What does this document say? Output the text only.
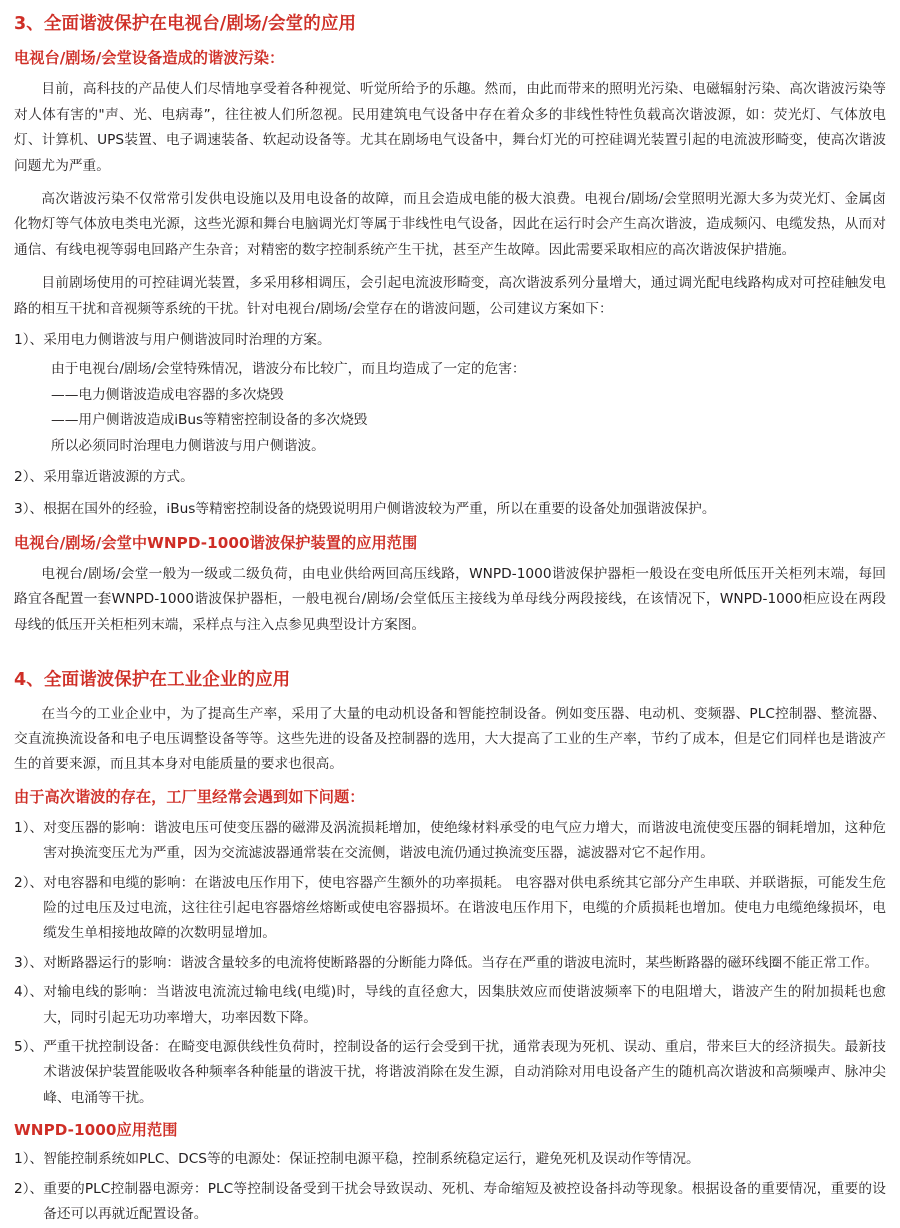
3、全面谐波保护在电视台/剧场/会堂的应用
电视台/剧场/会堂设备造成的谐波污染：

目前，高科技的产品使人们尽情地享受着各种视觉、听觉所给予的乐趣。然而，由此而带来的照明光污染、电磁辐射污染、高次谐波污染等对人体有害的"声、光、电病毒”，往往被人们所忽视。民用建筑电气设备中存在着众多的非线性特性负载高次谐波源，如：荧光灯、气体放电灯、计算机、UPS装置、电子调速装备、软起动设备等。尤其在剧场电气设备中，舞台灯光的可控硅调光装置引起的电流波形畸变，使高次谐波问题尤为严重。

高次谐波污染不仅常常引发供电设施以及用电设备的故障，而且会造成电能的极大浪费。电视台/剧场/会堂照明光源大多为荧光灯、金属卤化物灯等气体放电类电光源，这些光源和舞台电脑调光灯等属于非线性电气设备，因此在运行时会产生高次谐波，造成频闪、电缆发热，从而对通信、有线电视等弱电回路产生杂音；对精密的数字控制系统产生干扰，甚至产生故障。因此需要采取相应的高次谐波保护措施。

目前剧场使用的可控硅调光装置，多采用移相调压，会引起电流波形畸变，高次谐波系列分量增大，通过调光配电线路构成对可控硅触发电路的相互干扰和音视频等系统的干扰。针对电视台/剧场/会堂存在的谐波问题，公司建议方案如下：

1）、 采用电力侧谐波与用户侧谐波同时治理的方案。

由于电视台/剧场/会堂特殊情况，谐波分布比较广，而且均造成了一定的危害：

——电力侧谐波造成电容器的多次烧毁

——用户侧谐波造成iBus等精密控制设备的多次烧毁

所以必须同时治理电力侧谐波与用户侧谐波。

2）、 采用靠近谐波源的方式。
3）、 根据在国外的经验，iBus等精密控制设备的烧毁说明用户侧谐波较为严重，所以在重要的设备处加强谐波保护。
电视台/剧场/会堂中WNPD-1000谐波保护装置的应用范围

电视台/剧场/会堂一般为一级或二级负荷，由电业供给两回高压线路，WNPD-1000谐波保护器柜一般设在变电所低压开关柜列末端，每回路宜各配置一套WNPD-1000谐波保护器柜，一般电视台/剧场/会堂低压主接线为单母线分两段接线，在该情况下，WNPD-1000柜应设在两段母线的低压开关柜柜列末端，采样点与注入点参见典型设计方案图。

4、全面谐波保护在工业企业的应用

在当今的工业企业中，为了提高生产率，采用了大量的电动机设备和智能控制设备。例如变压器、电动机、变频器、PLC控制器、整流器、交直流换流设备和电子电压调整设备等等。这些先进的设备及控制器的选用，大大提高了工业的生产率，节约了成本，但是它们同样也是谐波产生的首要来源，而且其本身对电能质量的要求也很高。

由于高次谐波的存在，工厂里经常会遇到如下问题：
1）、 对变压器的影响：谐波电压可使变压器的磁滞及涡流损耗增加，使绝缘材料承受的电气应力增大，而谐波电流使变压器的铜耗增加，这种危害对换流变压尤为严重，因为交流滤波器通常装在交流侧，谐波电流仍通过换流变压器，滤波器对它不起作用。
2）、 对电容器和电缆的影响：在谐波电压作用下，使电容器产生额外的功率损耗。 电容器对供电系统其它部分产生串联、并联谐振，可能发生危险的过电压及过电流，这往往引起电容器熔丝熔断或使电容器损坏。在谐波电压作用下，电缆的介质损耗也增加。使电力电缆绝缘损坏，电缆发生单相接地故障的次数明显增加。
3）、 对断路器运行的影响：谐波含量较多的电流将使断路器的分断能力降低。当存在严重的谐波电流时，某些断路器的磁环线圈不能正常工作。
4）、 对输电线的影响：当谐波电流流过输电线(电缆)时，导线的直径愈大，因集肤效应而使谐波频率下的电阻增大，谐波产生的附加损耗也愈大，同时引起无功功率增大，功率因数下降。
5）、 严重干扰控制设备：在畸变电源供线性负荷时，控制设备的运行会受到干扰，通常表现为死机、误动、重启，带来巨大的经济损失。最新技术谐波保护装置能吸收各种频率各种能量的谐波干扰，将谐波消除在发生源，自动消除对用电设备产生的随机高次谐波和高频噪声、脉冲尖峰、电涌等干扰。
WNPD-1000应用范围
1）、 智能控制系统如PLC、DCS等的电源处：保证控制电源平稳，控制系统稳定运行，避免死机及误动作等情况。
2）、 重要的PLC控制器电源旁：PLC等控制设备受到干扰会导致误动、死机、寿命缩短及被控设备抖动等现象。根据设备的重要情况，重要的设备还可以再就近配置设备。
